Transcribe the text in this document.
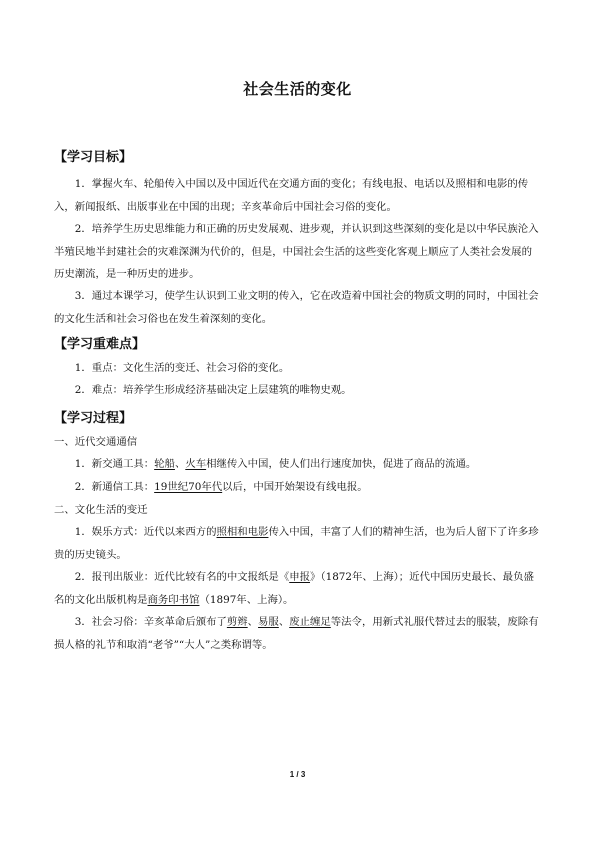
社会生活的变化
【学习目标】

1．掌握火车、轮船传入中国以及中国近代在交通方面的变化；有线电报、电话以及照相和电影的传入，新闻报纸、出版事业在中国的出现；辛亥革命后中国社会习俗的变化。

2．培养学生历史思维能力和正确的历史发展观、进步观，并认识到这些深刻的变化是以中华民族沦入半殖民地半封建社会的灾难深渊为代价的，但是，中国社会生活的这些变化客观上顺应了人类社会发展的历史潮流，是一种历史的进步。

3．通过本课学习，使学生认识到工业文明的传入，它在改造着中国社会的物质文明的同时，中国社会的文化生活和社会习俗也在发生着深刻的变化。

【学习重难点】

1．重点：文化生活的变迁、社会习俗的变化。

2．难点：培养学生形成经济基础决定上层建筑的唯物史观。

【学习过程】

一、近代交通通信

1．新交通工具：轮船、火车相继传入中国，使人们出行速度加快，促进了商品的流通。

2．新通信工具：19世纪70年代以后，中国开始架设有线电报。

二、文化生活的变迁

1．娱乐方式：近代以来西方的照相和电影传入中国，丰富了人们的精神生活，也为后人留下了许多珍贵的历史镜头。

2．报刊出版业：近代比较有名的中文报纸是《申报》（1872年、上海）；近代中国历史最长、最负盛名的文化出版机构是商务印书馆（1897年、上海）。

3．社会习俗：辛亥革命后颁布了剪辫、易服、废止缠足等法令，用新式礼服代替过去的服装，废除有损人格的礼节和取消“老爷”“大人”之类称谓等。

1 / 3
